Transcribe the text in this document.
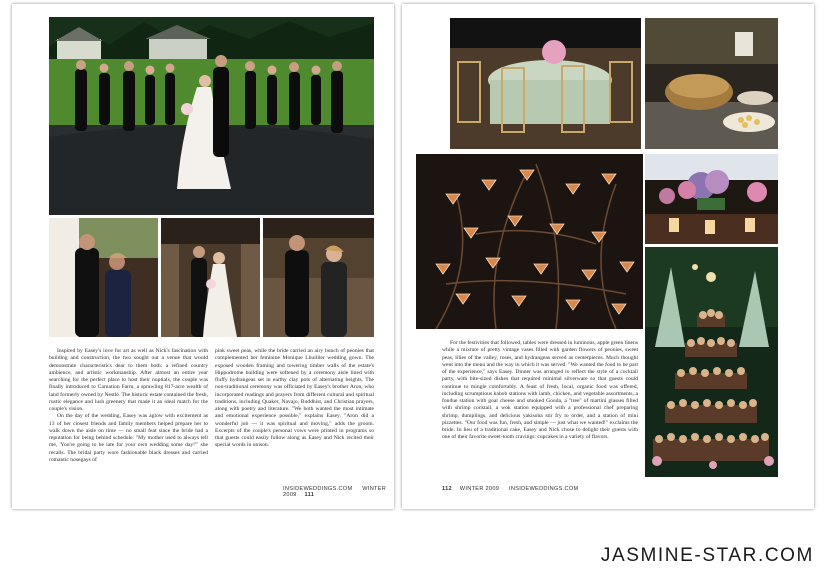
Inspired by Easey's love for art as well as Nick's fascination with building and construction, the two sought out a venue that would demonstrate characteristics dear to them both: a refined country ambience, and artistic workmanship. After almost an entire year searching for the perfect place to host their nuptials, the couple was finally introduced to Carnation Farm, a sprawling 817-acre wealth of land formerly owned by Nestlé. The historic estate contained the fresh, rustic elegance and lush greenery that made it an ideal match for the couple's vision.

On the day of the wedding, Easey was aglow with excitement as 13 of her closest friends and family members helped prepare her to walk down the aisle on time — no small feat since the bride had a reputation for being behind schedule. "My mother used to always tell me, 'You're going to be late for your own wedding some day!'" she recalls. The bridal party wore fashionable black dresses and carried romantic nosegays of

pink sweet peas, while the bride carried an airy bunch of peonies that complemented her feminine Monique Lhuillier wedding gown. The exposed wooden framing and towering timber walls of the estate's Hippodrome building were softened by a ceremony aisle lined with fluffy hydrangeas set in earthy clay pots of alternating heights. The non-traditional ceremony was officiated by Easey's brother Aron, who incorporated readings and prayers from different cultural and spiritual traditions, including Quaker, Navajo, Buddhist, and Christian prayers, along with poetry and literature. "We both wanted the most intimate and emotional experience possible," explains Easey. "Aron did a wonderful job — it was spiritual and moving," adds the groom. Excerpts of the couple's personal vows were printed in programs so that guests could easily follow along as Easey and Nick recited their special words in unison.

INSIDEWEDDINGS.COM WINTER 2009 111

For the festivities that followed, tables were dressed in luminous, apple green linens while a mixture of pretty vintage vases filled with garden flowers of peonies, sweet peas, lilies of the valley, roses, and hydrangeas served as centerpieces. Much thought went into the menu and the way in which it was served. "We wanted the food to be part of the experience," says Easey. Dinner was arranged to reflect the style of a cocktail party, with bite-sized dishes that required minimal silverware so that guests could continue to mingle comfortably. A feast of fresh, local, organic food was offered, including scrumptious kabob stations with lamb, chicken, and vegetable assortments, a fondue station with goat cheese and smoked Gouda, a "tree" of martini glasses filled with shrimp cocktail, a wok station equipped with a professional chef preparing shrimp, dumplings, and delicious yakisoba stir fry to order, and a station of mini pizzettes. "Our food was fun, fresh, and simple — just what we wanted!" exclaims the bride. In lieu of a traditional cake, Easey and Nick chose to delight their guests with one of their favorite sweet-tooth cravings: cupcakes in a variety of flavors.

112 WINTER 2009 INSIDEWEDDINGS.COM
JASMINE-STAR.COM
